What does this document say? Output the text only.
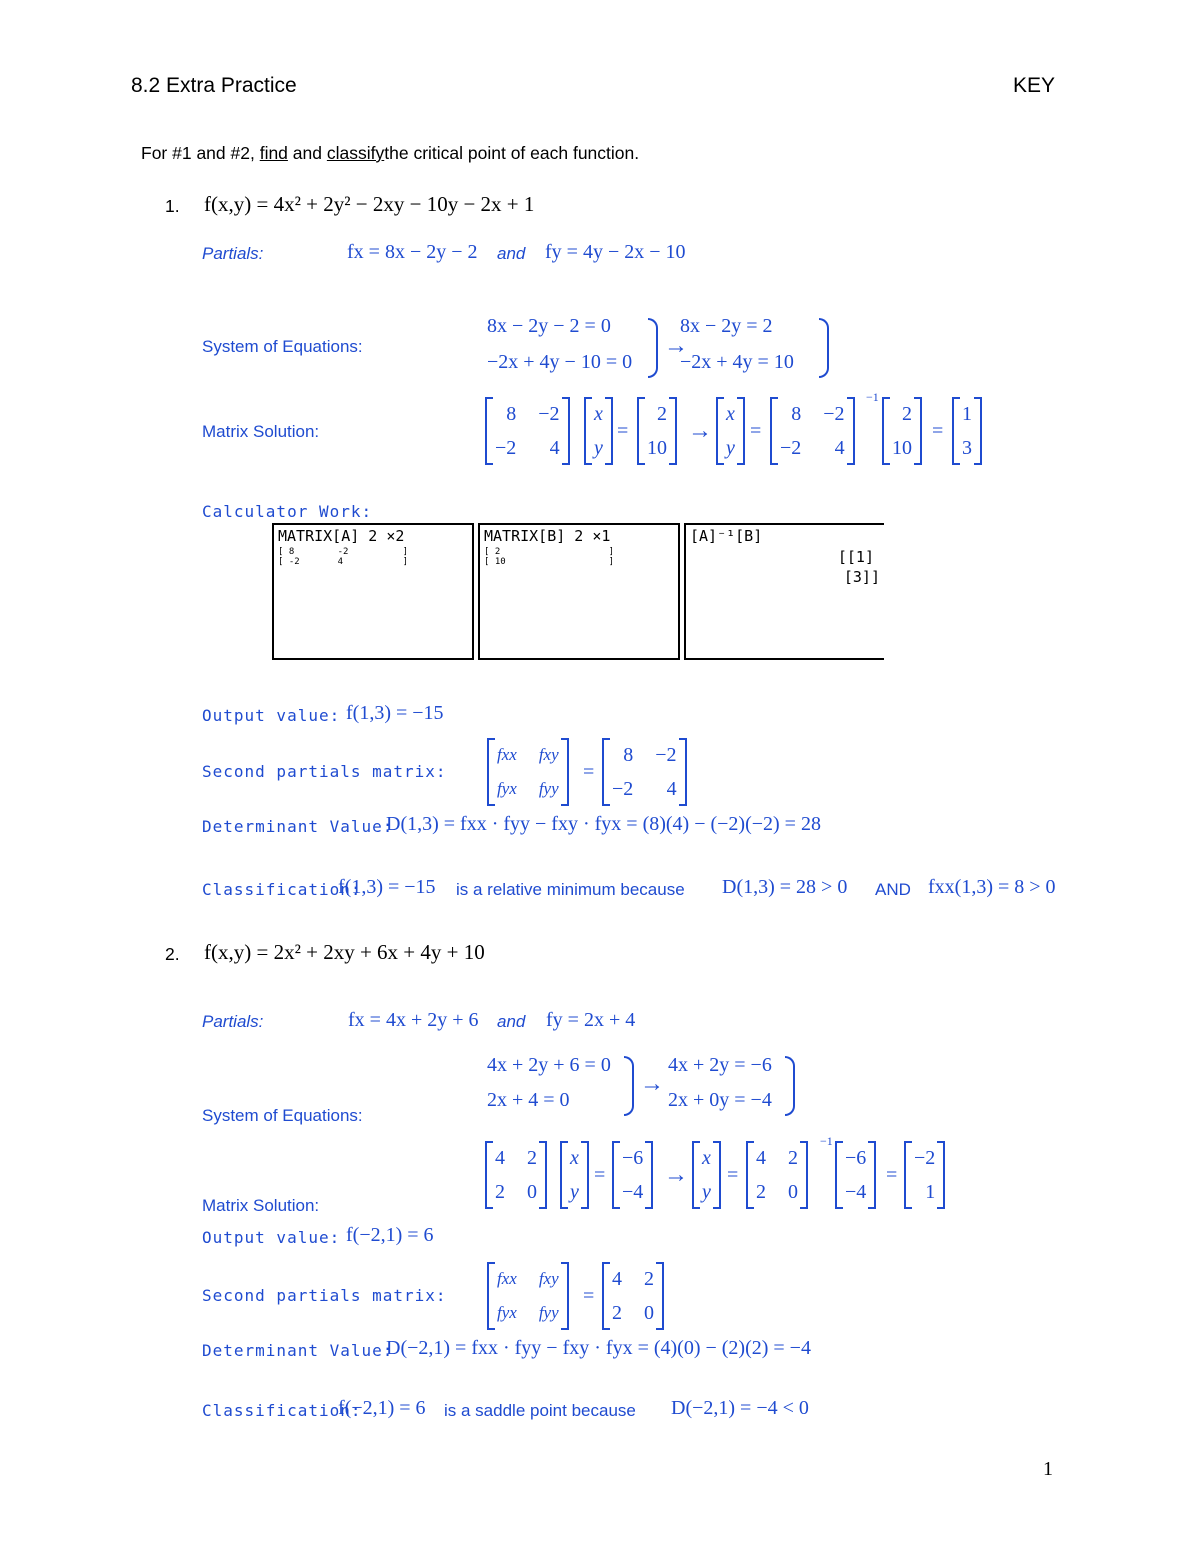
8.2 Extra Practice	KEY
For #1 and #2, find and classifythe critical point of each function.
1. f(x,y) = 4x² + 2y² − 2xy − 10y − 2x + 1
Partials:	fx = 8x − 2y − 2 and fy = 4y − 2x − 10
System of Equations:
8x − 2y − 2 = 0
−2x + 4y − 10 = 0
→
8x − 2y = 2
−2x + 4y = 10
Matrix Solution:
8 −2
−2	4
x
y
=
2
10
→
x
y
=
8 −2
−2	4
−1
2
10
=
1
3
Calculator Work:
MATRIX[A] 2 ×2
[ 8        -2          ]
[ -2       4           ]
MATRIX[B] 2 ×1
[ 2                    ]
[ 10                   ]
[A]⁻¹[B]
[[1]
[3]]
Output value: f(1,3) = −15
Second partials matrix:
fxx fxy
fyx fyy
=
8 −2
−2	4
Determinant Value:
D(1,3) = fxx · fyy − fxy · fyx = (8)(4) − (−2)(−2) = 28
Classification:
f(1,3) = −15 is a relative minimum because D(1,3) = 28 > 0 AND fxx(1,3) = 8 > 0
2. f(x,y) = 2x² + 2xy + 6x + 4y + 10
Partials:	fx = 4x + 2y + 6 and fy = 2x + 4
4x + 2y + 6 = 0
2x + 4 = 0
→
4x + 2y = −6
2x + 0y = −4
System of Equations:
4 2
2 0
x
y
=
−6
−4
→
x
y
=
4 2
2 0
−1
−6
−4
=
−2
1
Matrix Solution:
Output value: f(−2,1) = 6
Second partials matrix:
fxx fxy
fyx fyy
=
4 2
2 0
Determinant Value:
D(−2,1) = fxx · fyy − fxy · fyx = (4)(0) − (2)(2) = −4
Classification:
f(−2,1) = 6 is a saddle point because D(−2,1) = −4 < 0
1
